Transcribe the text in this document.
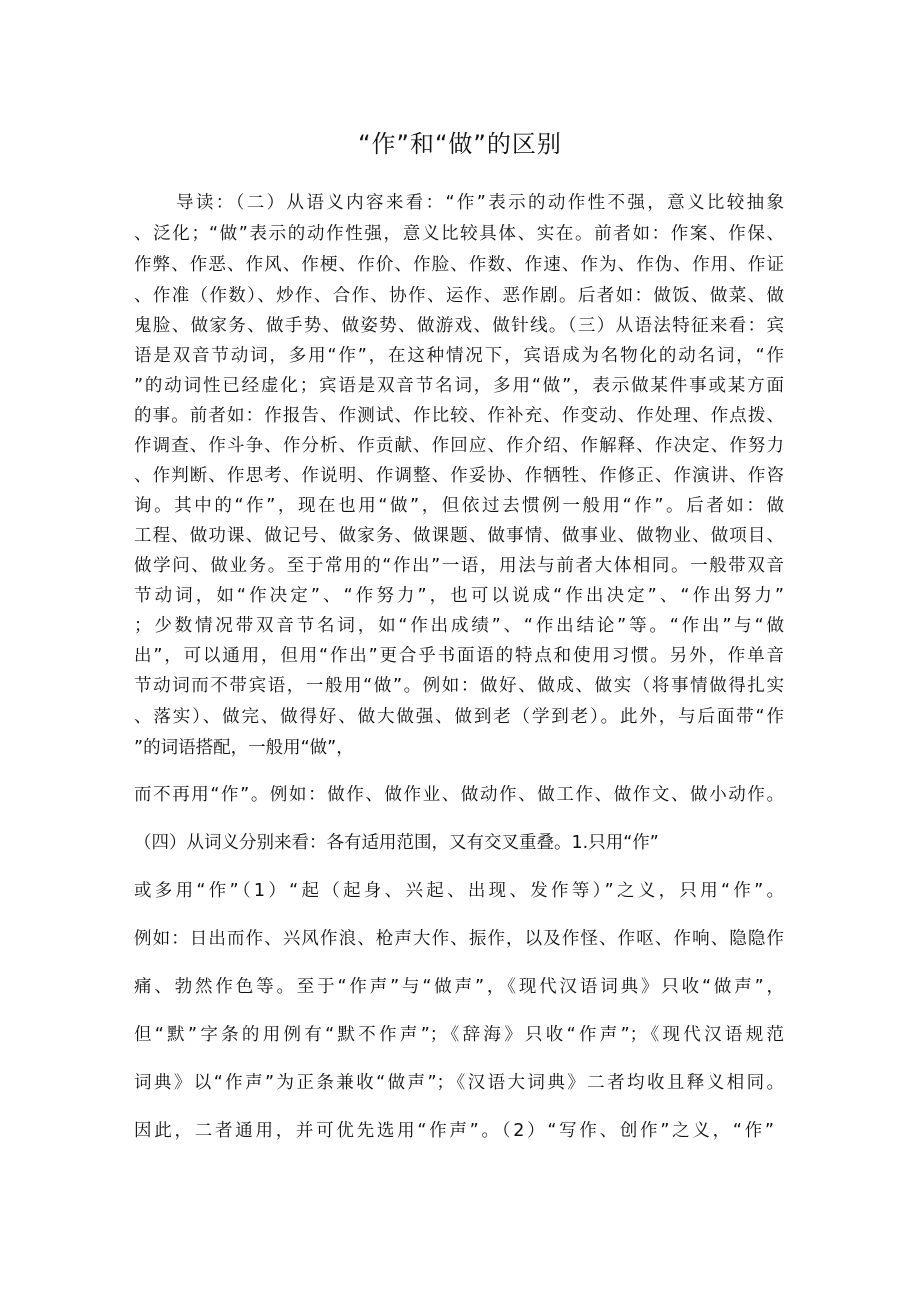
“作”和“做”的区别

导读：（二）从语义内容来看：“作”表示的动作性不强，意义比较抽象

、泛化；“做”表示的动作性强，意义比较具体、实在。前者如：作案、作保、

作弊、作恶、作风、作梗、作价、作脸、作数、作速、作为、作伪、作用、作证

、作准（作数）、炒作、合作、协作、运作、恶作剧。后者如：做饭、做菜、做

鬼脸、做家务、做手势、做姿势、做游戏、做针线。（三）从语法特征来看：宾

语是双音节动词，多用“作”，在这种情况下，宾语成为名物化的动名词，“作

”的动词性已经虚化；宾语是双音节名词，多用“做”，表示做某件事或某方面

的事。前者如：作报告、作测试、作比较、作补充、作变动、作处理、作点拨、

作调查、作斗争、作分析、作贡献、作回应、作介绍、作解释、作决定、作努力

、作判断、作思考、作说明、作调整、作妥协、作牺牲、作修正、作演讲、作咨

询。其中的“作”，现在也用“做”，但依过去惯例一般用“作”。后者如：做

工程、做功课、做记号、做家务、做课题、做事情、做事业、做物业、做项目、

做学问、做业务。至于常用的“作出”一语，用法与前者大体相同。一般带双音

节动词，如“作决定”、“作努力”，也可以说成“作出决定”、“作出努力”

；少数情况带双音节名词，如“作出成绩”、“作出结论”等。“作出”与“做

出”，可以通用，但用“作出”更合乎书面语的特点和使用习惯。另外，作单音

节动词而不带宾语，一般用“做”。例如：做好、做成、做实（将事情做得扎实

、落实）、做完、做得好、做大做强、做到老（学到老）。此外，与后面带“作

”的词语搭配，一般用“做”，

而不再用“作”。例如：做作、做作业、做动作、做工作、做作文、做小动作。

（四）从词义分别来看：各有适用范围，又有交叉重叠。1.只用“作”

或多用“作”（1）“起（起身、兴起、出现、发作等）”之义，只用“作”。

例如：日出而作、兴风作浪、枪声大作、振作，以及作怪、作呕、作响、隐隐作

痛、勃然作色等。至于“作声”与“做声”，《现代汉语词典》只收“做声”，

但“默”字条的用例有“默不作声”；《辞海》只收“作声”；《现代汉语规范

词典》以“作声”为正条兼收“做声”；《汉语大词典》二者均收且释义相同。

因此，二者通用，并可优先选用“作声”。（2）“写作、创作”之义，“作”
